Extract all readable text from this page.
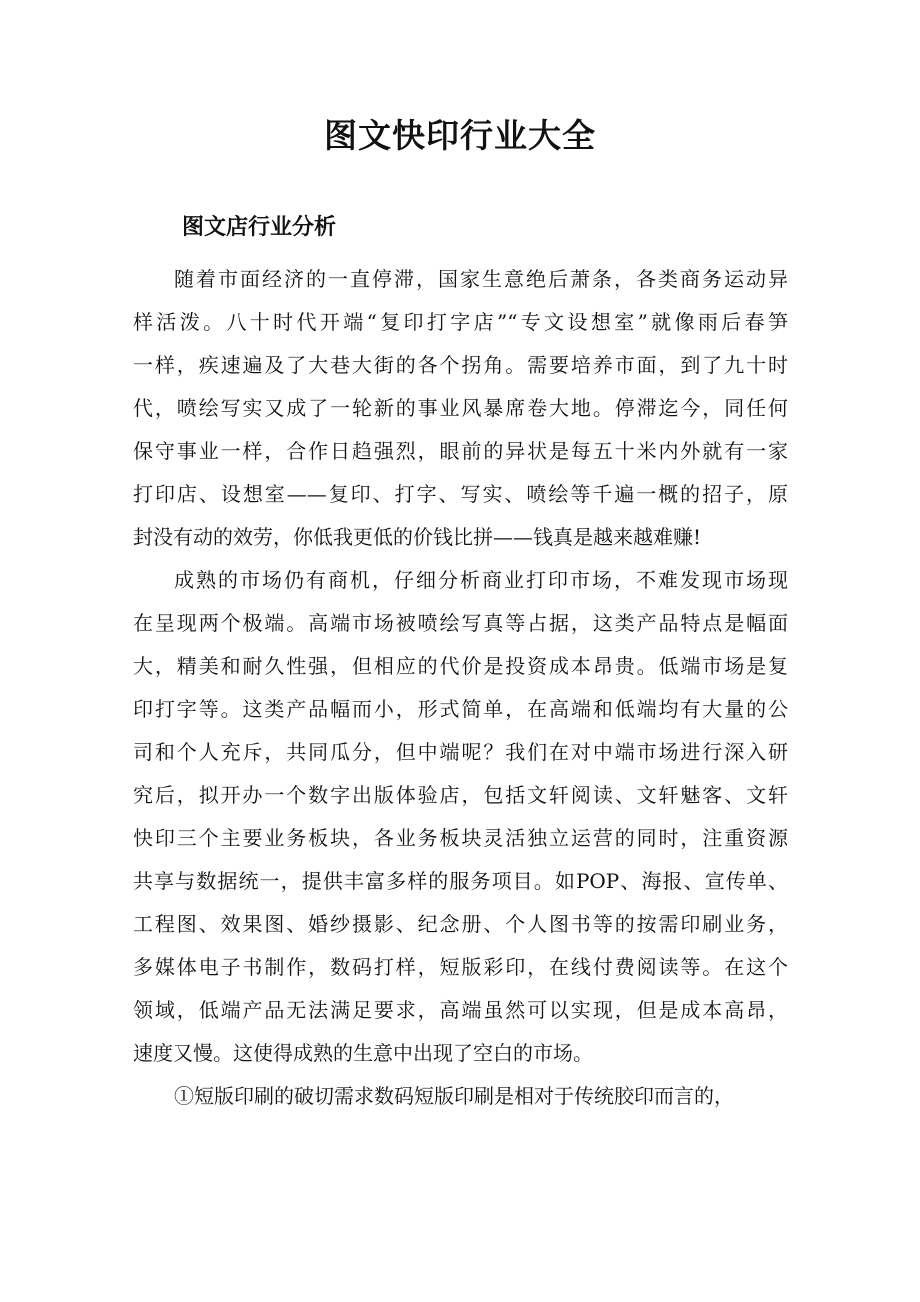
图文快印行业大全
图文店行业分析
随着市面经济的一直停滞，国家生意绝后萧条，各类商务运动异
样活泼。八十时代开端“复印打字店”“专文设想室”就像雨后春笋
一样，疾速遍及了大巷大街的各个拐角。需要培养市面，到了九十时
代，喷绘写实又成了一轮新的事业风暴席卷大地。停滞迄今，同任何
保守事业一样，合作日趋强烈，眼前的异状是每五十米内外就有一家
打印店、设想室——复印、打字、写实、喷绘等千遍一概的招子，原
封没有动的效劳，你低我更低的价钱比拼——钱真是越来越难赚!
成熟的市场仍有商机，仔细分析商业打印市场，不难发现市场现
在呈现两个极端。高端市场被喷绘写真等占据，这类产品特点是幅面
大，精美和耐久性强，但相应的代价是投资成本昂贵。低端市场是复
印打字等。这类产品幅而小，形式简单，在高端和低端均有大量的公
司和个人充斥，共同瓜分，但中端呢？我们在对中端市场进行深入研
究后，拟开办一个数字出版体验店，包括文轩阅读、文轩魅客、文轩
快印三个主要业务板块，各业务板块灵活独立运营的同时，注重资源
共享与数据统一，提供丰富多样的服务项目。如POP、海报、宣传单、
工程图、效果图、婚纱摄影、纪念册、个人图书等的按需印刷业务，
多媒体电子书制作，数码打样，短版彩印，在线付费阅读等。在这个
领域，低端产品无法满足要求，高端虽然可以实现，但是成本高昂，
速度又慢。这使得成熟的生意中出现了空白的市场。
①短版印刷的破切需求数码短版印刷是相对于传统胶印而言的，
